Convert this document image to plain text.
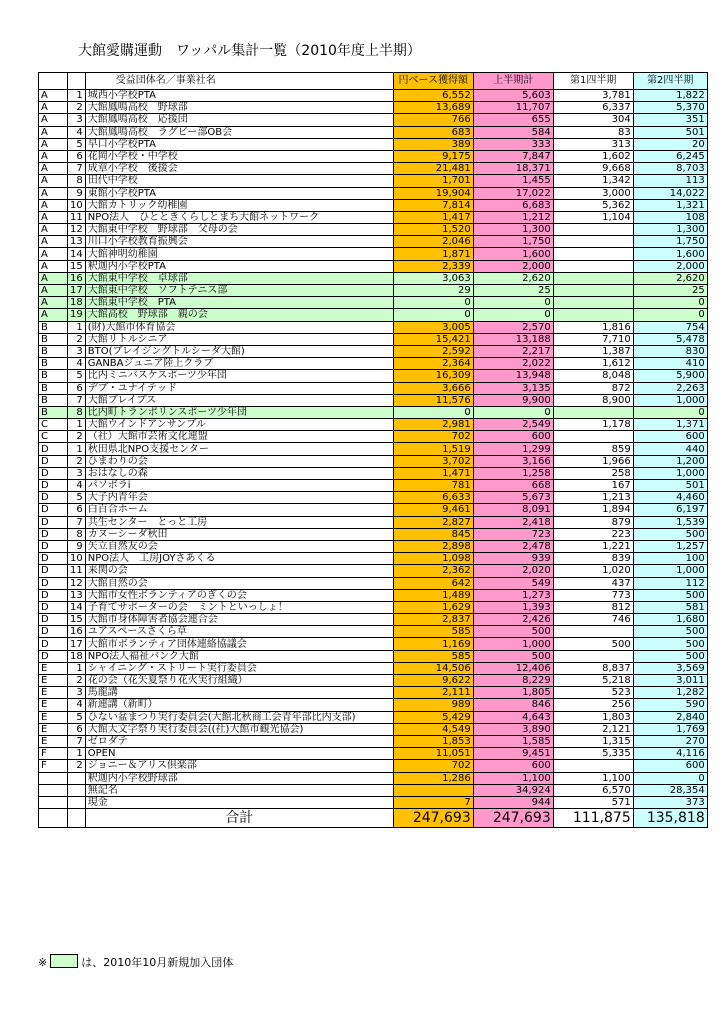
大館愛購運動　ワッパル集計一覧（2010年度上半期）
		受益団体名／事業社名	円ベース獲得額	上半期計	第1四半期	第2四半期
A	1	城西小学校PTA	6,552	5,603	3,781	1,822
A	2	大館鳳鳴高校　野球部	13,689	11,707	6,337	5,370
A	3	大館鳳鳴高校　応援団	766	655	304	351
A	4	大館鳳鳴高校　ラグビー部OB会	683	584	83	501
A	5	早口小学校PTA	389	333	313	20
A	6	花岡小学校・中学校	9,175	7,847	1,602	6,245
A	7	成章小学校　後援会	21,481	18,371	9,668	8,703
A	8	田代中学校	1,701	1,455	1,342	113
A	9	東館小学校PTA	19,904	17,022	3,000	14,022
A	10	大館カトリック幼稚園	7,814	6,683	5,362	1,321
A	11	NPO法人　ひとときくらしとまち大館ネットワーク	1,417	1,212	1,104	108
A	12	大館東中学校　野球部　父母の会	1,520	1,300		1,300
A	13	川口小学校教育振興会	2,046	1,750		1,750
A	14	大館神明幼稚園	1,871	1,600		1,600
A	15	釈迦内小学校PTA	2,339	2,000		2,000
A	16	大館東中学校　卓球部	3,063	2,620		2,620
A	17	大館東中学校　ソフトテニス部	29	25		25
A	18	大館東中学校　PTA	0	0		0
A	19	大館高校　野球部　親の会	0	0		0
B	1	(財)大館市体育協会	3,005	2,570	1,816	754
B	2	大館リトルシニア	15,421	13,188	7,710	5,478
B	3	BTO(ブレイジングトルシーダ大館)	2,592	2,217	1,387	830
B	4	GANBAジュニア陸上クラブ	2,364	2,022	1,612	410
B	5	比内ミニバスケスポーツ少年団	16,309	13,948	8,048	5,900
B	6	デブ・ユナイテッド	3,666	3,135	872	2,263
B	7	大館ブレイブス	11,576	9,900	8,900	1,000
B	8	比内町トランポリンスポーツ少年団	0	0		0
C	1	大館ウインドアンサンブル	2,981	2,549	1,178	1,371
C	2	（社）大館市芸術文化連盟	702	600		600
D	1	秋田県北NPO支援センター	1,519	1,299	859	440
D	2	ひまわりの会	3,702	3,166	1,966	1,200
D	3	おはなしの森	1,471	1,258	258	1,000
D	4	パソボラi	781	668	167	501
D	5	大子内青年会	6,633	5,673	1,213	4,460
D	6	白百合ホーム	9,461	8,091	1,894	6,197
D	7	共生センター　とっと工房	2,827	2,418	879	1,539
D	8	カヌーシーダ秋田	845	723	223	500
D	9	矢立自然友の会	2,898	2,478	1,221	1,257
D	10	NPO法人　工房JOYさあくる	1,098	939	839	100
D	11	来関の会	2,362	2,020	1,020	1,000
D	12	大館自然の会	642	549	437	112
D	13	大館市女性ボランティアのぎくの会	1,489	1,273	773	500
D	14	子育てサポーターの会　ミントといっしょ！	1,629	1,393	812	581
D	15	大館市身体障害者協会連合会	2,837	2,426	746	1,680
D	16	ユアスペースさくら草	585	500		500
D	17	大館市ボランティア団体連絡協議会	1,169	1,000	500	500
D	18	NPO法人福祉バンク大館	585	500		500
E	1	シャイニング・ストリート実行委員会	14,506	12,406	8,837	3,569
E	2	花の会（花矢夏祭り花火実行組織）	9,622	8,229	5,218	3,011
E	3	馬龍講	2,111	1,805	523	1,282
E	4	新連講（新町）	989	846	256	590
E	5	ひない盆まつり実行委員会(大館北秋商工会青年部比内支部)	5,429	4,643	1,803	2,840
E	6	大館大文字祭り実行委員会((社)大館市観光協会)	4,549	3,890	2,121	1,769
E	7	ゼロダテ	1,853	1,585	1,315	270
F	1	OPEN	11,051	9,451	5,335	4,116
F	2	ジョニー＆アリス倶楽部	702	600		600
		釈迦内小学校野球部	1,286	1,100	1,100	0
		無記名		34,924	6,570	28,354
		現金	7	944	571	373
		合計	247,693	247,693	111,875	135,818
※	は、2010年10月新規加入団体
